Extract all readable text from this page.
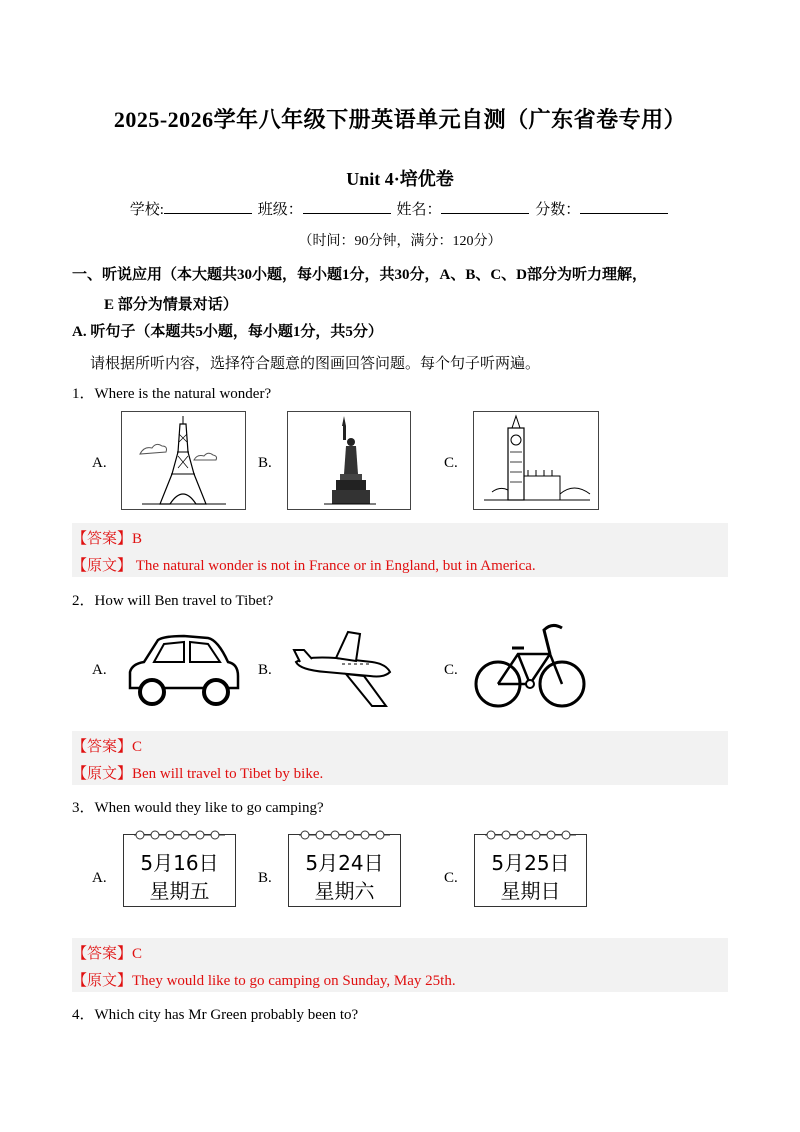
2025-2026学年八年级下册英语单元自测（广东省卷专用）
Unit 4·培优卷
学校:	班级：	姓名：	分数：
（时间：90分钟，满分：120分）
一、听说应用（本大题共30小题，每小题1分，共30分，A、B、C、D部分为听力理解，
E 部分为情景对话）
A. 听句子（本题共5小题，每小题1分，共5分）
请根据所听内容，选择符合题意的图画回答问题。每个句子听两遍。
1．Where is the natural wonder?
A.	B.	C.
【答案】B
【原文】 The natural wonder is not in France or in England, but in America.
2．How will Ben travel to Tibet?
A.	B.	C.
【答案】C
【原文】Ben will travel to Tibet by bike.
3．When would they like to go camping?
A.
5月16日
星期五
B.
5月24日
星期六
C.
5月25日
星期日
【答案】C
【原文】They would like to go camping on Sunday, May 25th.
4．Which city has Mr Green probably been to?
